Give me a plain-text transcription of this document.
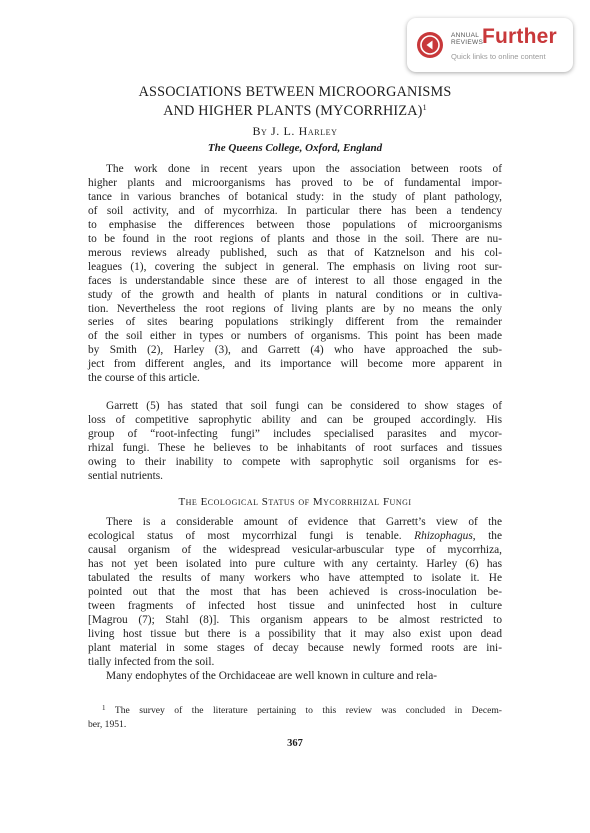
ANNUAL
REVIEWS
Further
Quick links to online content
ASSOCIATIONS BETWEEN MICROORGANISMS

AND HIGHER PLANTS (MYCORRHIZA)$^1$
By J. L. Harley
The Queens College, Oxford, England
The work done in recent years upon the association between roots of
higher plants and microorganisms has proved to be of fundamental impor-
tance in various branches of botanical study: in the study of plant pathology,
of soil activity, and of mycorrhiza. In particular there has been a tendency
to emphasise the differences between those populations of microorganisms
to be found in the root regions of plants and those in the soil. There are nu-
merous reviews already published, such as that of Katznelson and his col-
leagues (1), covering the subject in general. The emphasis on living root sur-
faces is understandable since these are of interest to all those engaged in the
study of the growth and health of plants in natural conditions or in cultiva-
tion. Nevertheless the root regions of living plants are by no means the only
series of sites bearing populations strikingly different from the remainder
of the soil either in types or numbers of organisms. This point has been made
by Smith (2), Harley (3), and Garrett (4) who have approached the sub-
ject from different angles, and its importance will become more apparent in
the course of this article.
Garrett (5) has stated that soil fungi can be considered to show stages of
loss of competitive saprophytic ability and can be grouped accordingly. His
group of “root-infecting fungi” includes specialised parasites and mycor-
rhizal fungi. These he believes to be inhabitants of root surfaces and tissues
owing to their inability to compete with saprophytic soil organisms for es-
sential nutrients.
The Ecological Status of Mycorrhizal Fungi
There is a considerable amount of evidence that Garrett’s view of the
ecological status of most mycorrhizal fungi is tenable. Rhizophagus, the
causal organism of the widespread vesicular-arbuscular type of mycorrhiza,
has not yet been isolated into pure culture with any certainty. Harley (6) has
tabulated the results of many workers who have attempted to isolate it. He
pointed out that the most that has been achieved is cross-inoculation be-
tween fragments of infected host tissue and uninfected host in culture
[Magrou (7); Stahl (8)]. This organism appears to be almost restricted to
living host tissue but there is a possibility that it may also exist upon dead
plant material in some stages of decay because newly formed roots are ini-
tially infected from the soil.
Many endophytes of the Orchidaceae are well known in culture and rela-
$^1$ The survey of the literature pertaining to this review was concluded in Decem-
ber, 1951.
367
